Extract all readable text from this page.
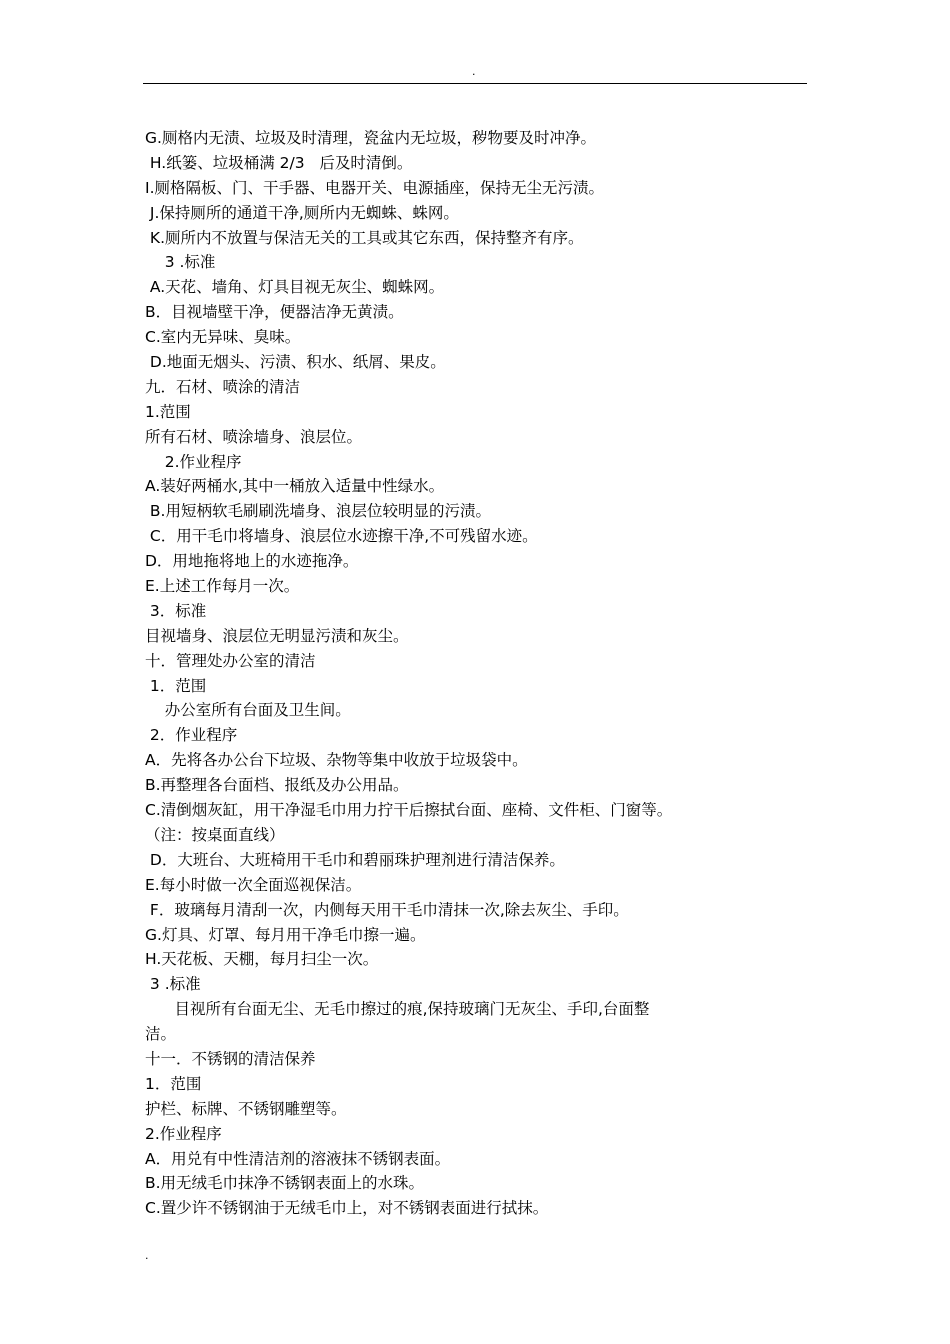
.
G.厕格内无渍、垃圾及时清理，瓷盆内无垃圾，秽物要及时冲净。
H.纸篓、垃圾桶满 2/3   后及时清倒。
I.厕格隔板、门、干手器、电器开关、电源插座，保持无尘无污渍。
J.保持厕所的通道干净,厕所内无蜘蛛、蛛网。
K.厕所内不放置与保洁无关的工具或其它东西，保持整齐有序。
3 .标准
A.天花、墙角、灯具目视无灰尘、蜘蛛网。
B．目视墙壁干净，便器洁净无黄渍。
C.室内无异味、臭味。
D.地面无烟头、污渍、积水、纸屑、果皮。
九．石材、喷涂的清洁
1.范围
所有石材、喷涂墙身、浪层位。
2.作业程序
A.装好两桶水,其中一桶放入适量中性绿水。
B.用短柄软毛刷刷洗墙身、浪层位较明显的污渍。
C．用干毛巾将墙身、浪层位水迹擦干净,不可残留水迹。
D．用地拖将地上的水迹拖净。
E.上述工作每月一次。
3．标准
目视墙身、浪层位无明显污渍和灰尘。
十．管理处办公室的清洁
1．范围
办公室所有台面及卫生间。
2．作业程序
A．先将各办公台下垃圾、杂物等集中收放于垃圾袋中。
B.再整理各台面档、报纸及办公用品。
C.清倒烟灰缸，用干净湿毛巾用力拧干后擦拭台面、座椅、文件柜、门窗等。
（注：按桌面直线）
D．大班台、大班椅用干毛巾和碧丽珠护理剂进行清洁保养。
E.每小时做一次全面巡视保洁。
F．玻璃每月清刮一次，内侧每天用干毛巾清抹一次,除去灰尘、手印。
G.灯具、灯罩、每月用干净毛巾擦一遍。
H.天花板、天棚，每月扫尘一次。
3 .标准
目视所有台面无尘、无毛巾擦过的痕,保持玻璃门无灰尘、手印,台面整
洁。
十一．不锈钢的清洁保养
1．范围
护栏、标牌、不锈钢雕塑等。
2.作业程序
A．用兑有中性清洁剂的溶液抹不锈钢表面。
B.用无绒毛巾抹净不锈钢表面上的水珠。
C.置少许不锈钢油于无绒毛巾上，对不锈钢表面进行拭抹。
.
